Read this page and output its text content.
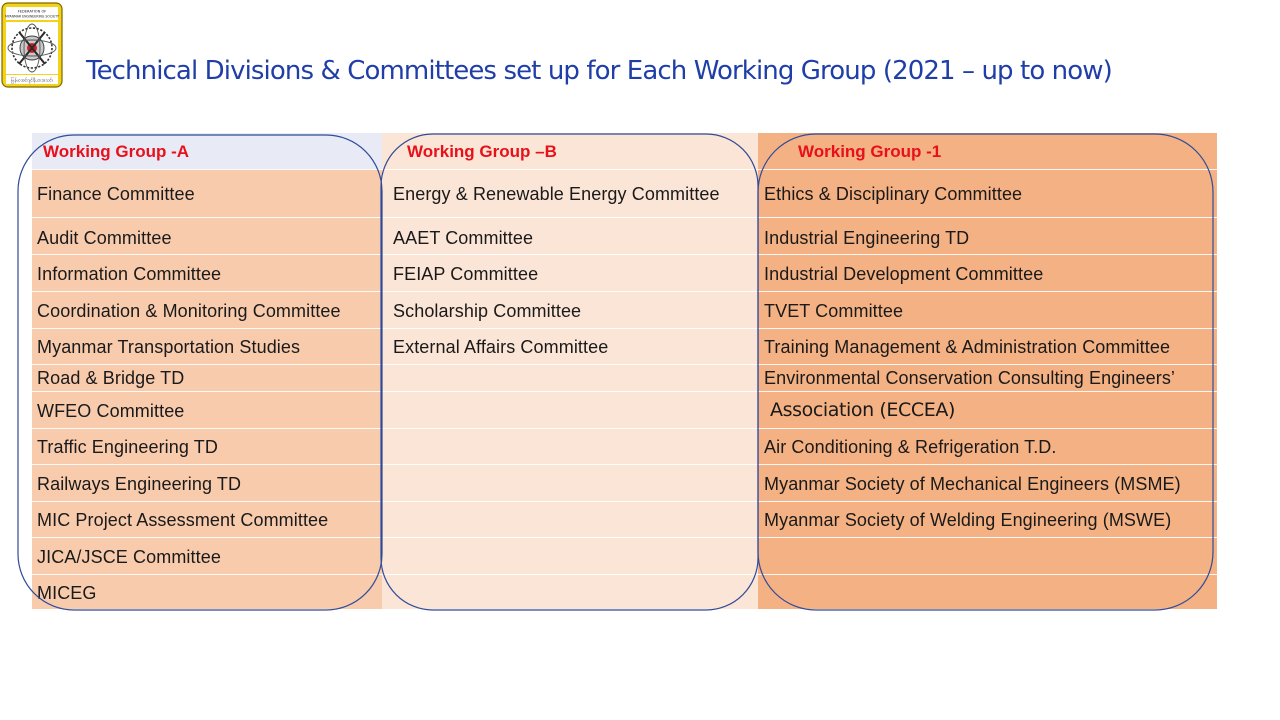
FEDERATION OF
MYANMAR ENGINEERING SOCIETY
မြန်မာအင်ဂျင်နီယာအသင်း Technical Divisions & Committees set up for Each Working Group (2021 – up to now)
Working Group -A
Finance Committee
Audit Committee
Information Committee
Coordination & Monitoring Committee
Myanmar Transportation Studies
Road & Bridge TD
WFEO Committee
Traffic Engineering TD
Railways Engineering TD
MIC Project Assessment Committee
JICA/JSCE Committee
MICEG
Working Group –B
Energy & Renewable Energy Committee
AAET Committee
FEIAP Committee
Scholarship Committee
External Affairs Committee
Working Group -1
Ethics & Disciplinary Committee
Industrial Engineering TD
Industrial Development Committee
TVET Committee
Training Management & Administration Committee
Environmental Conservation Consulting Engineers’
Association (ECCEA)
Air Conditioning & Refrigeration T.D.
Myanmar Society of Mechanical Engineers (MSME)
Myanmar Society of Welding Engineering (MSWE)
